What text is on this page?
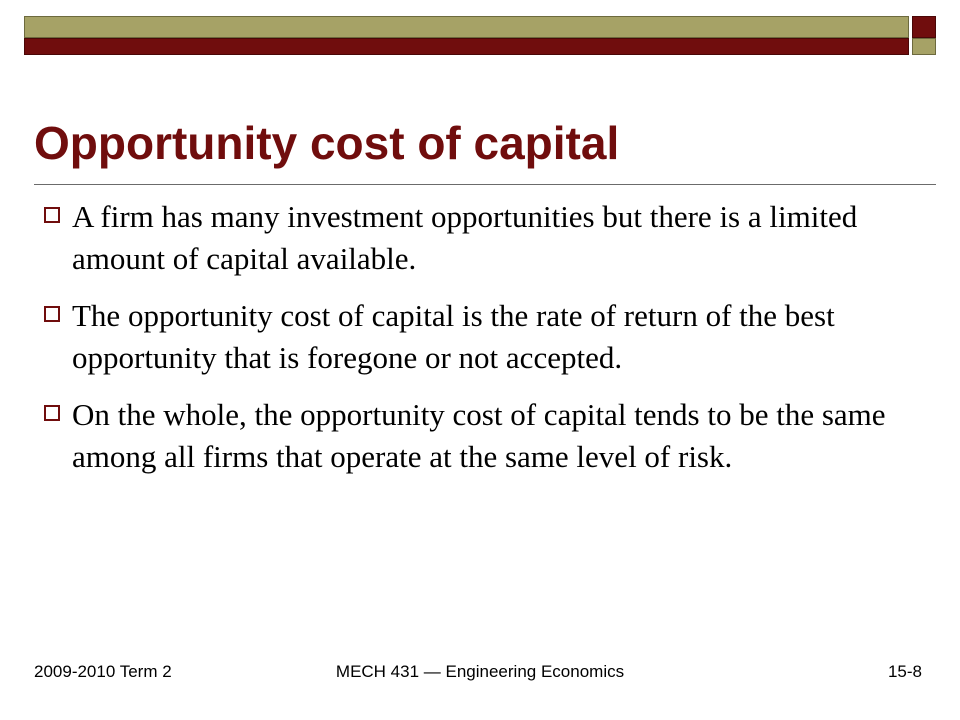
Opportunity cost of capital
A firm has many investment opportunities but there is a limited amount of capital available.
The opportunity cost of capital is the rate of return of the best opportunity that is foregone or not accepted.
On the whole, the opportunity cost of capital tends to be the same among all firms that operate at the same level of risk.
2009-2010 Term 2	MECH 431 — Engineering Economics	15-8
